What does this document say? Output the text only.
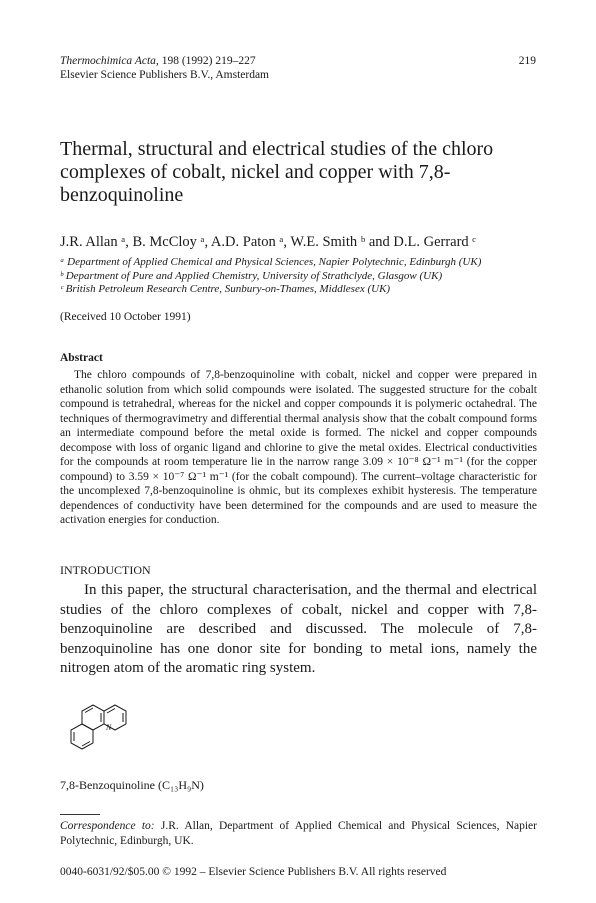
Thermochimica Acta, 198 (1992) 219–227
Elsevier Science Publishers B.V., Amsterdam
219
Thermal, structural and electrical studies of the chloro complexes of cobalt, nickel and copper with 7,8-benzoquinoline
J.R. Allan ᵃ, B. McCloy ᵃ, A.D. Paton ᵃ, W.E. Smith ᵇ and D.L. Gerrard ᶜ
ᵃ Department of Applied Chemical and Physical Sciences, Napier Polytechnic, Edinburgh (UK)
ᵇ Department of Pure and Applied Chemistry, University of Strathclyde, Glasgow (UK)
ᶜ British Petroleum Research Centre, Sunbury-on-Thames, Middlesex (UK)
(Received 10 October 1991)
Abstract

The chloro compounds of 7,8-benzoquinoline with cobalt, nickel and copper were prepared in ethanolic solution from which solid compounds were isolated. The suggested structure for the cobalt compound is tetrahedral, whereas for the nickel and copper compounds it is polymeric octahedral. The techniques of thermogravimetry and differential thermal analysis show that the cobalt compound forms an intermediate compound before the metal oxide is formed. The nickel and copper compounds decompose with loss of organic ligand and chlorine to give the metal oxides. Electrical conductivities for the compounds at room temperature lie in the narrow range 3.09 × 10⁻⁸ Ω⁻¹ m⁻¹ (for the copper compound) to 3.59 × 10⁻⁷ Ω⁻¹ m⁻¹ (for the cobalt compound). The current–voltage characteristic for the uncomplexed 7,8-benzoquinoline is ohmic, but its complexes exhibit hysteresis. The temperature dependences of conductivity have been determined for the compounds and are used to measure the activation energies for conduction.

INTRODUCTION

In this paper, the structural characterisation, and the thermal and electrical studies of the chloro complexes of cobalt, nickel and copper with 7,8-benzoquinoline are described and discussed. The molecule of 7,8-benzoquinoline has one donor site for bonding to metal ions, namely the nitrogen atom of the aromatic ring system.

N
7,8-Benzoquinoline (C₁₃H₉N)
Correspondence to: J.R. Allan, Department of Applied Chemical and Physical Sciences, Napier Polytechnic, Edinburgh, UK.
0040-6031/92/$05.00 © 1992 – Elsevier Science Publishers B.V. All rights reserved
